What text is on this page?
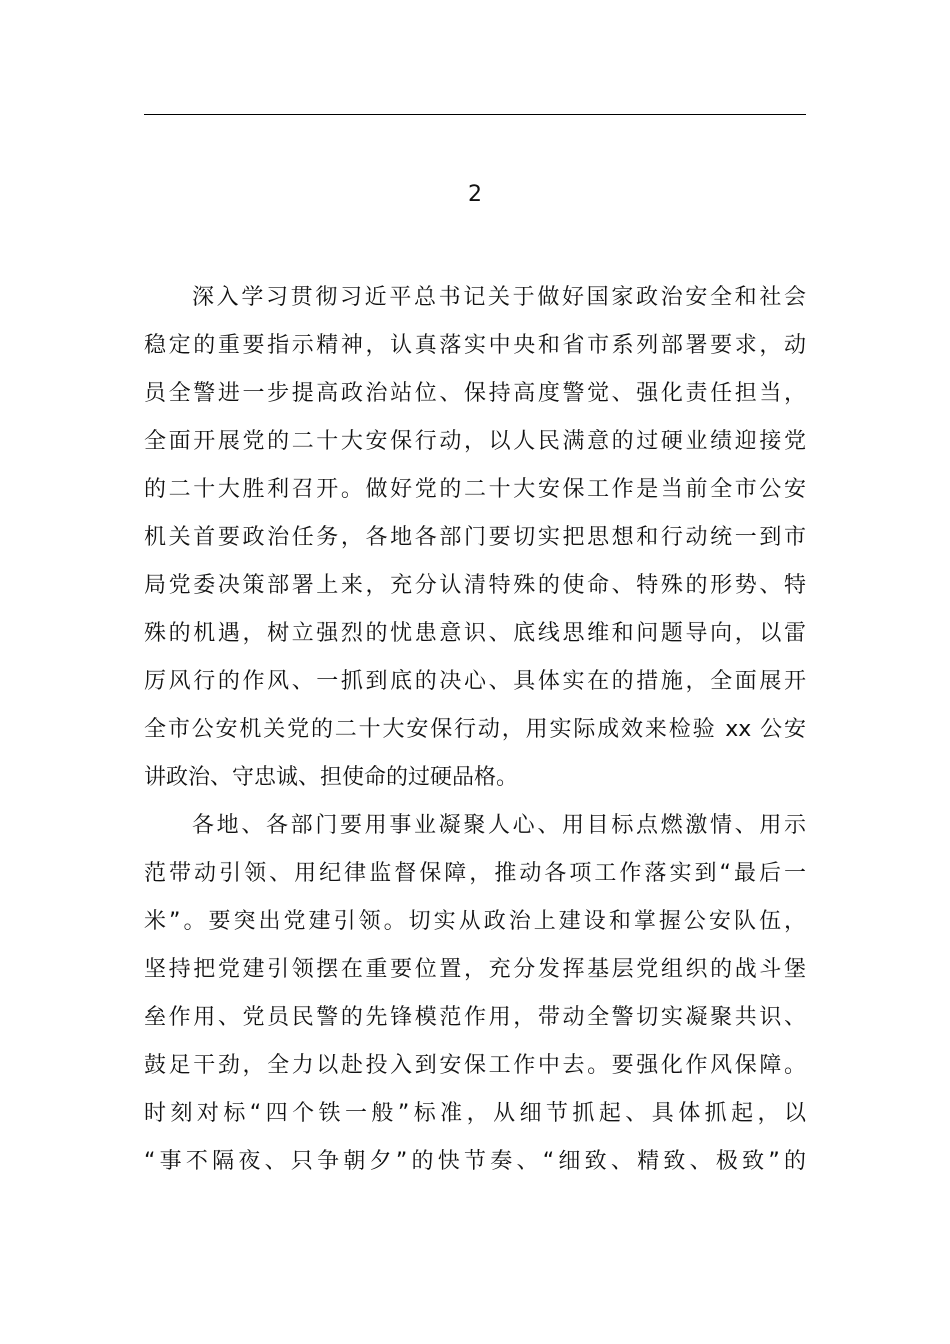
2
深入学习贯彻习近平总书记关于做好国家政治安全和社会
稳定的重要指示精神，认真落实中央和省市系列部署要求，动
员全警进一步提高政治站位、保持高度警觉、强化责任担当，
全面开展党的二十大安保行动，以人民满意的过硬业绩迎接党
的二十大胜利召开。做好党的二十大安保工作是当前全市公安
机关首要政治任务，各地各部门要切实把思想和行动统一到市
局党委决策部署上来，充分认清特殊的使命、特殊的形势、特
殊的机遇，树立强烈的忧患意识、底线思维和问题导向，以雷
厉风行的作风、一抓到底的决心、具体实在的措施，全面展开
全市公安机关党的二十大安保行动，用实际成效来检验 xx 公安
讲政治、守忠诚、担使命的过硬品格。
各地、各部门要用事业凝聚人心、用目标点燃激情、用示
范带动引领、用纪律监督保障，推动各项工作落实到“最后一
米”。要突出党建引领。切实从政治上建设和掌握公安队伍，
坚持把党建引领摆在重要位置，充分发挥基层党组织的战斗堡
垒作用、党员民警的先锋模范作用，带动全警切实凝聚共识、
鼓足干劲，全力以赴投入到安保工作中去。要强化作风保障。
时刻对标“四个铁一般”标准，从细节抓起、具体抓起，以
“事不隔夜、只争朝夕”的快节奏、“细致、精致、极致”的
